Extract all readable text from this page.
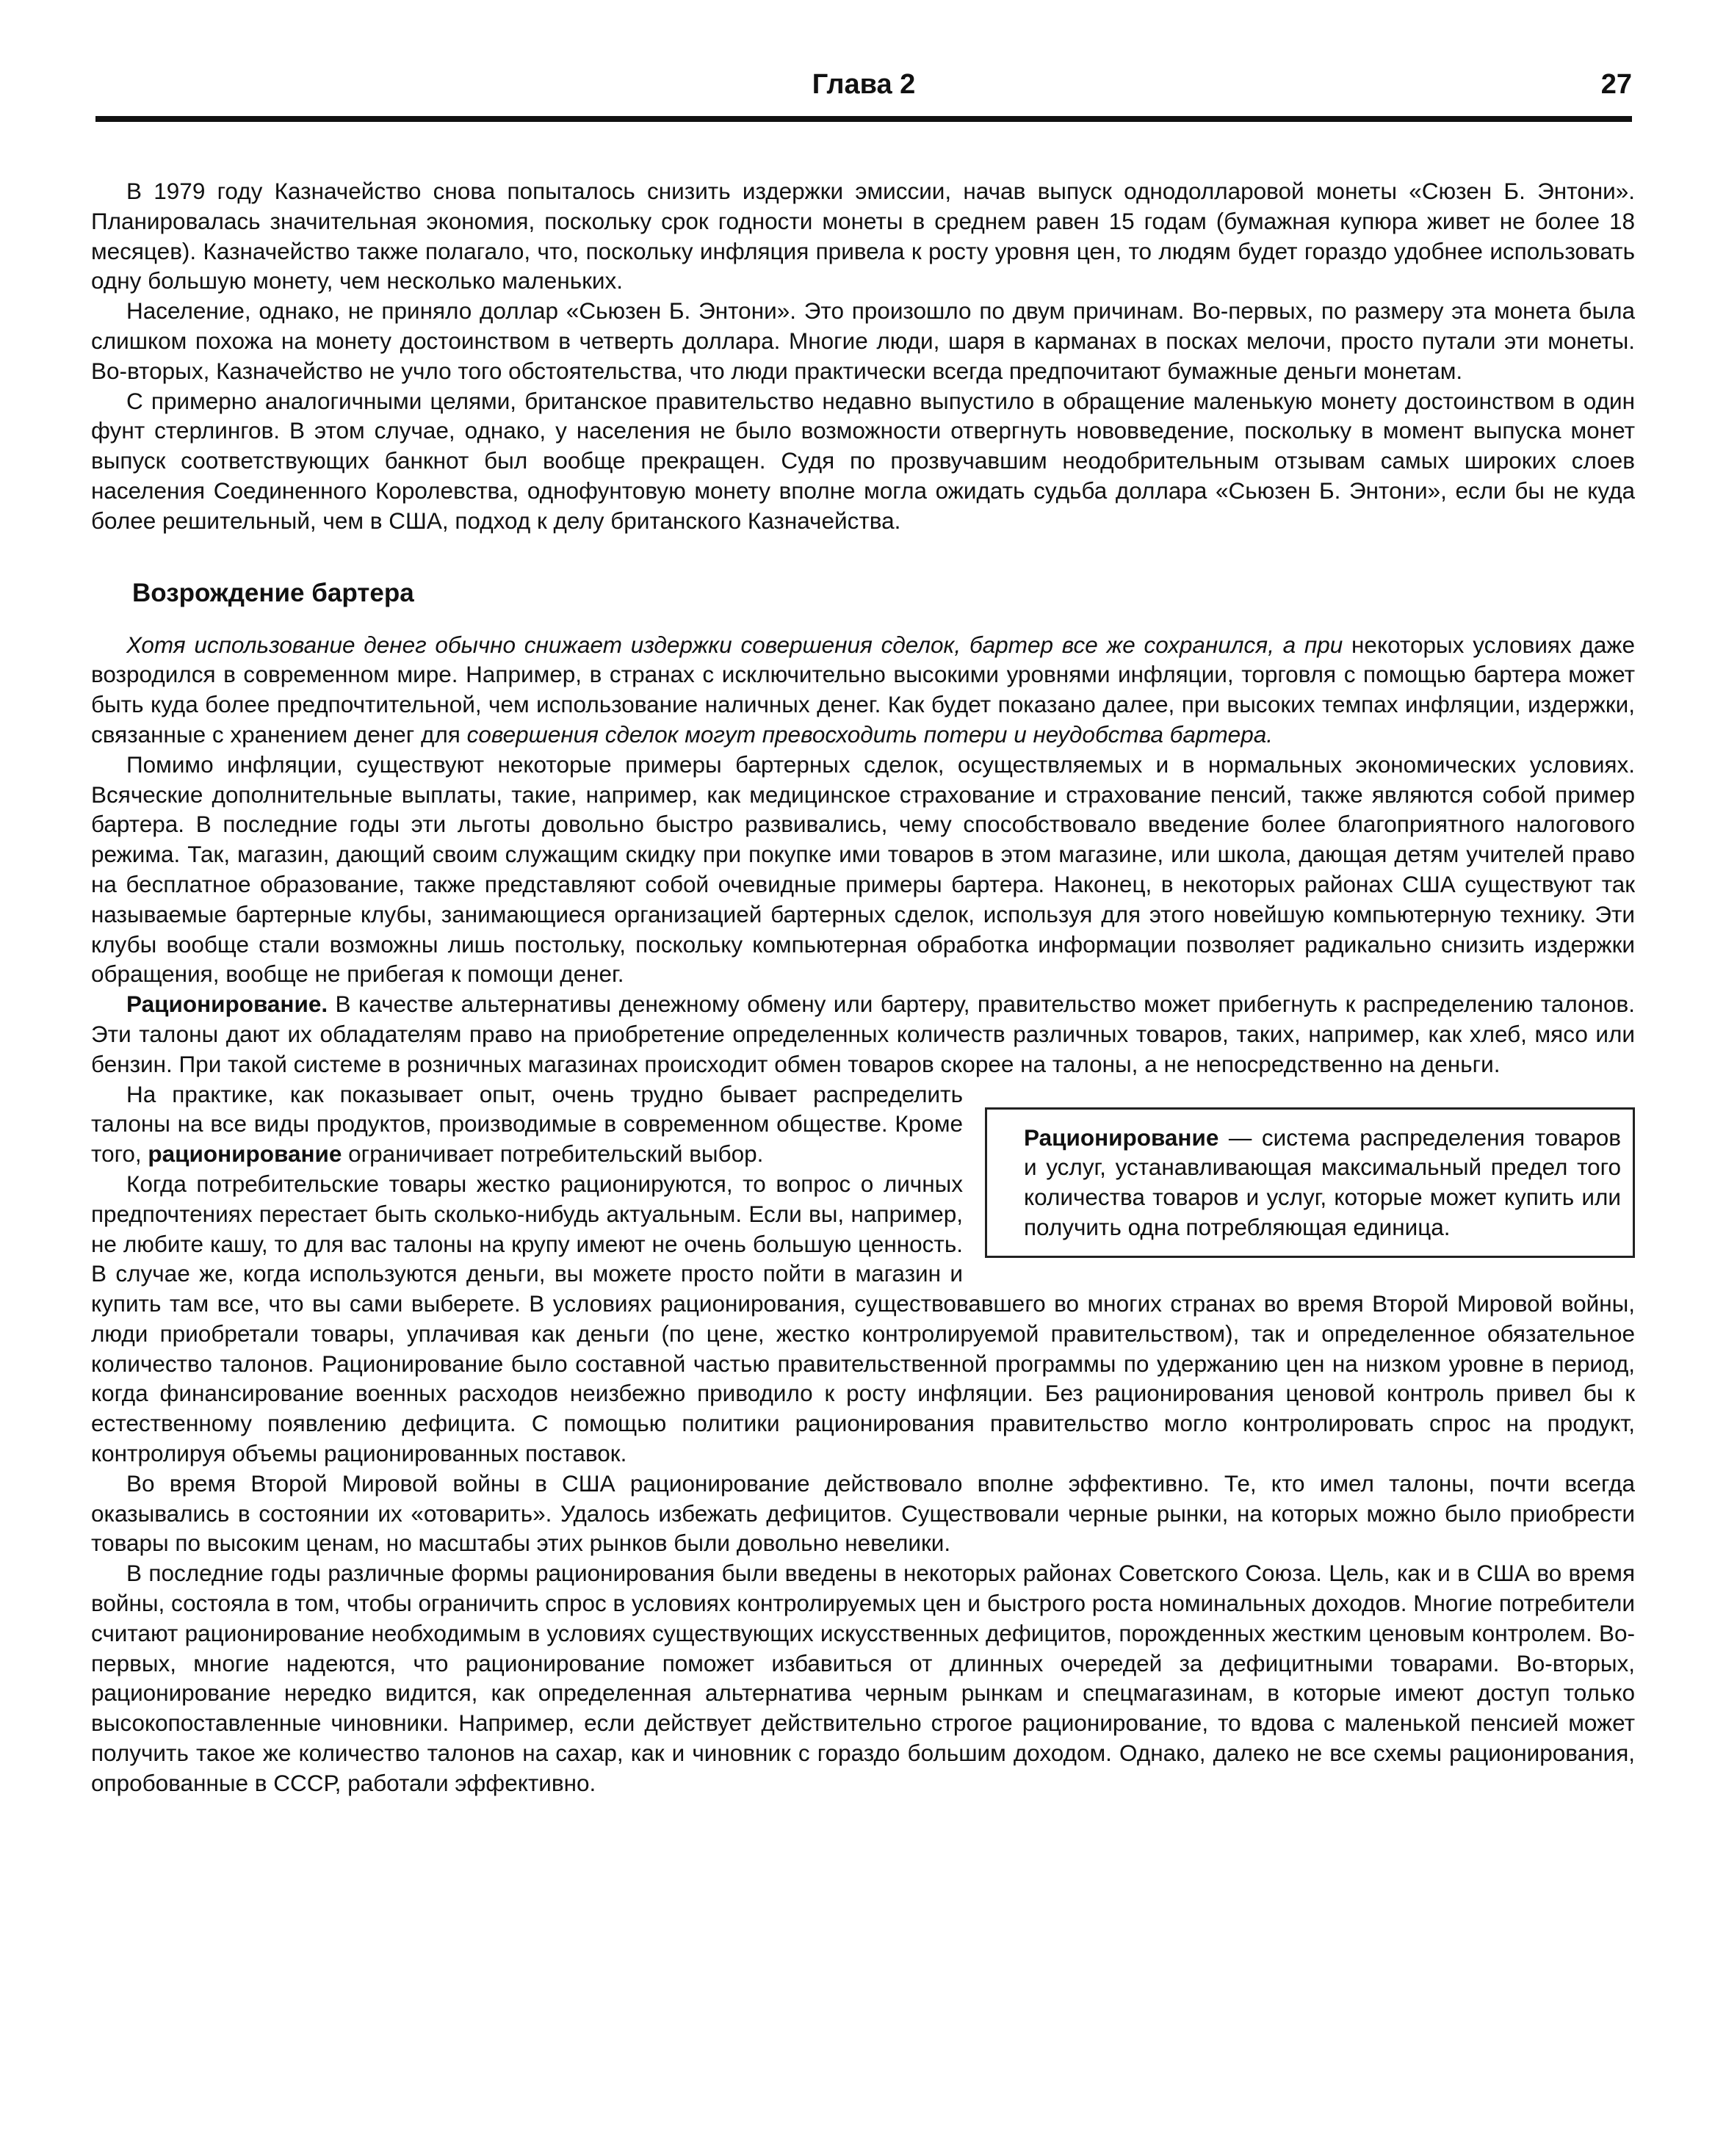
Глава 2	27

В 1979 году Казначейство снова попыталось снизить издержки эмиссии, начав выпуск однодолларовой монеты «Сюзен Б. Энтони». Планировалась значительная экономия, поскольку срок годности монеты в среднем равен 15 годам (бумажная купюра живет не более 18 месяцев). Казначейство также полагало, что, поскольку инфляция привела к росту уровня цен, то людям будет гораздо удобнее использовать одну большую монету, чем несколько маленьких.

Население, однако, не приняло доллар «Сьюзен Б. Энтони». Это произошло по двум причинам. Во-первых, по размеру эта монета была слишком похожа на монету достоинством в четверть доллара. Многие люди, шаря в карманах в посках мелочи, просто путали эти монеты. Во-вторых, Казначейство не учло того обстоятельства, что люди практически всегда предпочитают бумажные деньги монетам.

С примерно аналогичными целями, британское правительство недавно выпустило в обращение маленькую монету достоинством в один фунт стерлингов. В этом случае, однако, у населения не было возможности отвергнуть нововведение, поскольку в момент выпуска монет выпуск соответствующих банкнот был вообще прекращен. Судя по прозвучавшим неодобрительным отзывам самых широких слоев населения Соединенного Королевства, однофунтовую монету вполне могла ожидать судьба доллара «Сьюзен Б. Энтони», если бы не куда более решительный, чем в США, подход к делу британского Казначейства.

Возрождение бартера

Хотя использование денег обычно снижает издержки совершения сделок, бартер все же сохранился, а при некоторых условиях даже возродился в современном мире. Например, в странах с исключительно высокими уровнями инфляции, торговля с помощью бартера может быть куда более предпочтительной, чем использование наличных денег. Как будет показано далее, при высоких темпах инфляции, издержки, связанные с хранением денег для совершения сделок могут превосходить потери и неудобства бартера.

Помимо инфляции, существуют некоторые примеры бартерных сделок, осуществляемых и в нормальных экономических условиях. Всяческие дополнительные выплаты, такие, например, как медицинское страхование и страхование пенсий, также являются собой пример бартера. В последние годы эти льготы довольно быстро развивались, чему способствовало введение более благоприятного налогового режима. Так, магазин, дающий своим служащим скидку при покупке ими товаров в этом магазине, или школа, дающая детям учителей право на бесплатное образование, также представляют собой очевидные примеры бартера. Наконец, в некоторых районах США существуют так называемые бартерные клубы, занимающиеся организацией бартерных сделок, используя для этого новейшую компьютерную технику. Эти клубы вообще стали возможны лишь постольку, поскольку компьютерная обработка информации позволяет радикально снизить издержки обращения, вообще не прибегая к помощи денег.

Рационирование. В качестве альтернативы денежному обмену или бартеру, правительство может прибегнуть к распределению талонов. Эти талоны дают их обладателям право на приобретение определенных количеств различных товаров, таких, например, как хлеб, мясо или бензин. При такой системе в розничных магазинах происходит обмен товаров скорее на талоны, а не непосредственно на деньги.

Рационирование — система распределения товаров и услуг, устанавливающая максимальный предел того количества товаров и услуг, которые может купить или получить одна потребляющая единица.

На практике, как показывает опыт, очень трудно бывает распределить талоны на все виды продуктов, производимые в современном обществе. Кроме того, рационирование ограничивает потребительский выбор.

Когда потребительские товары жестко рационируются, то вопрос о личных предпочтениях перестает быть сколько-нибудь актуальным. Если вы, например, не любите кашу, то для вас талоны на крупу имеют не очень большую ценность. В случае же, когда используются деньги, вы можете просто пойти в магазин и купить там все, что вы сами выберете. В условиях рационирования, существовавшего во многих странах во время Второй Мировой войны, люди приобретали товары, уплачивая как деньги (по цене, жестко контролируемой правительством), так и определенное обязательное количество талонов. Рационирование было составной частью правительственной программы по удержанию цен на низком уровне в период, когда финансирование военных расходов неизбежно приводило к росту инфляции. Без рационирования ценовой контроль привел бы к естественному появлению дефицита. С помощью политики рационирования правительство могло контролировать спрос на продукт, контролируя объемы рационированных поставок.

Во время Второй Мировой войны в США рационирование действовало вполне эффективно. Те, кто имел талоны, почти всегда оказывались в состоянии их «отоварить». Удалось избежать дефицитов. Существовали черные рынки, на которых можно было приобрести товары по высоким ценам, но масштабы этих рынков были довольно невелики.

В последние годы различные формы рационирования были введены в некоторых районах Советского Союза. Цель, как и в США во время войны, состояла в том, чтобы ограничить спрос в условиях контролируемых цен и быстрого роста номинальных доходов. Многие потребители считают рационирование необходимым в условиях существующих искусственных дефицитов, порожденных жестким ценовым контролем. Во-первых, многие надеются, что рационирование поможет избавиться от длинных очередей за дефицитными товарами. Во-вторых, рационирование нередко видится, как определенная альтернатива черным рынкам и спецмагазинам, в которые имеют доступ только высокопоставленные чиновники. Например, если действует действительно строгое рационирование, то вдова с маленькой пенсией может получить такое же количество талонов на сахар, как и чиновник с гораздо большим доходом. Однако, далеко не все схемы рационирования, опробованные в СССР, работали эффективно.
